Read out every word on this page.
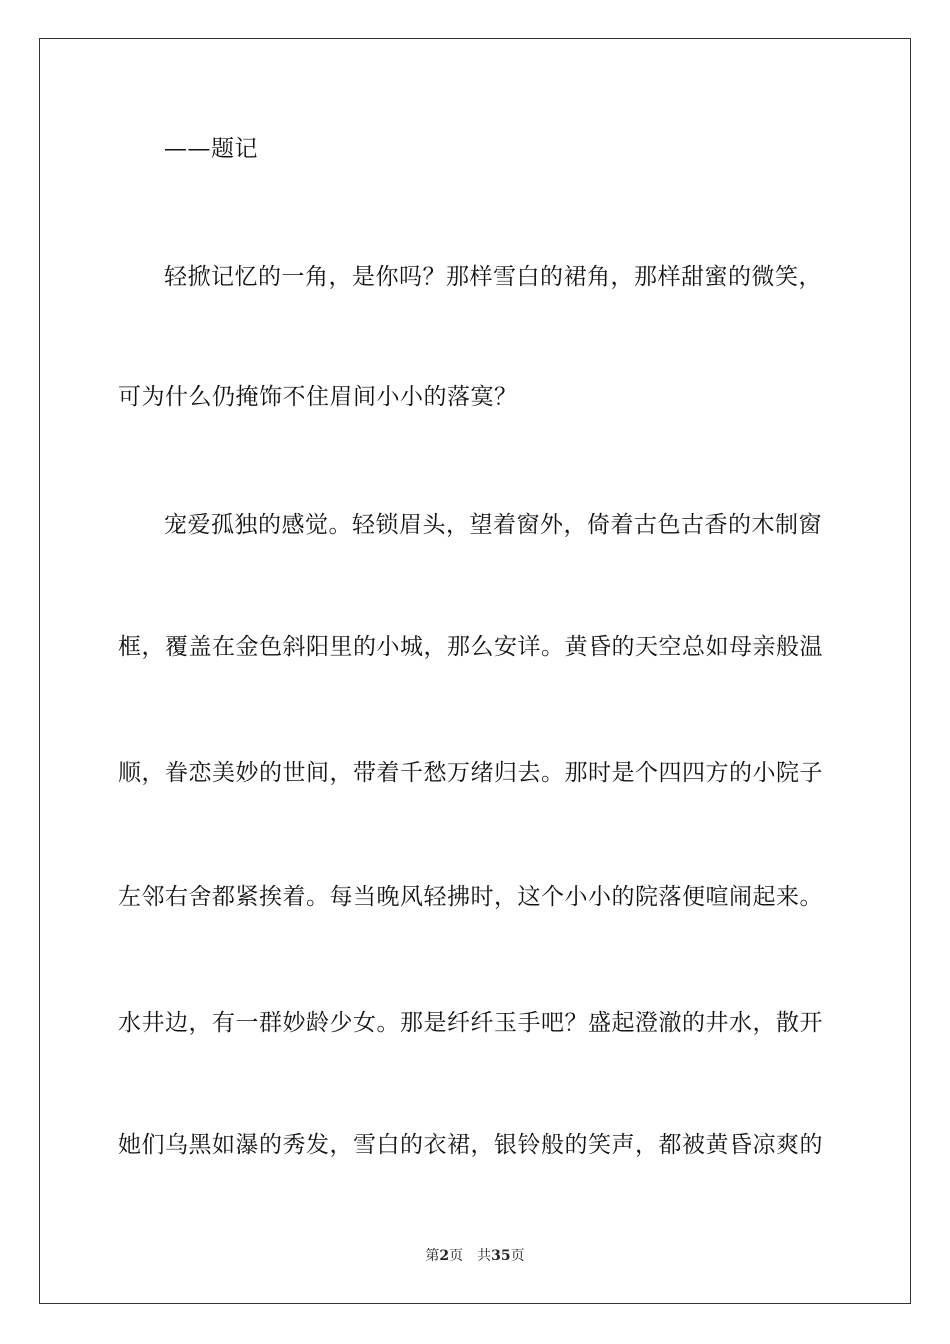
——题记
轻掀记忆的一角，是你吗？那样雪白的裙角，那样甜蜜的微笑，
可为什么仍掩饰不住眉间小小的落寞？
宠爱孤独的感觉。轻锁眉头，望着窗外，倚着古色古香的木制窗
框，覆盖在金色斜阳里的小城，那么安详。黄昏的天空总如母亲般温
顺，眷恋美妙的世间，带着千愁万绪归去。那时是个四四方的小院子
左邻右舍都紧挨着。每当晚风轻拂时，这个小小的院落便喧闹起来。
水井边，有一群妙龄少女。那是纤纤玉手吧？盛起澄澈的井水，散开
她们乌黑如瀑的秀发，雪白的衣裙，银铃般的笑声，都被黄昏凉爽的
第2页 共35页
